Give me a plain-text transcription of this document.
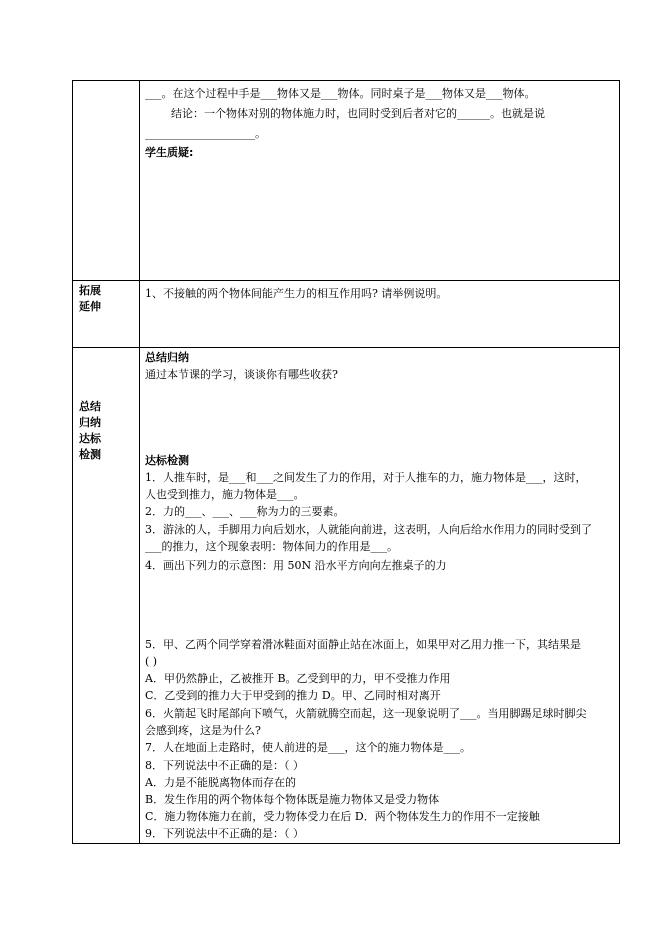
___。在这个过程中手是___物体又是___物体。同时桌子是___物体又是___物体。
结论：一个物体对别的物体施力时，也同时受到后者对它的______。也就是说
____________________。
学生质疑:
拓展
延伸
1、不接触的两个物体间能产生力的相互作用吗? 请举例说明。
总结
归纳
达标
检测
总结归纳
通过本节课的学习，谈谈你有哪些收获?
达标检测
1．人推车时，是___和___之间发生了力的作用，对于人推车的力，施力物体是___，这时，
人也受到推力，施力物体是___。
2．力的___、___、___称为力的三要素。
3．游泳的人，手脚用力向后划水，人就能向前进，这表明，人向后给水作用力的同时受到了
___的推力，这个现象表明：物体间力的作用是___。
4．画出下列力的示意图：用 50N 沿水平方向向左推桌子的力
5．甲、乙两个同学穿着滑冰鞋面对面静止站在冰面上，如果甲对乙用力推一下，其结果是
( )
A．甲仍然静止，乙被推开 B。乙受到甲的力，甲不受推力作用
C．乙受到的推力大于甲受到的推力 D。甲、乙同时相对离开
6．火箭起飞时尾部向下喷气，火箭就腾空而起，这一现象说明了___。当用脚踢足球时脚尖
会感到疼，这是为什么?
7．人在地面上走路时，使人前进的是___，这个的施力物体是___。
8．下列说法中不正确的是：（ ）
A．力是不能脱离物体而存在的
B．发生作用的两个物体每个物体既是施力物体又是受力物体
C．施力物体施力在前，受力物体受力在后 D．两个物体发生力的作用不一定接触
9．下列说法中不正确的是：（ ）
